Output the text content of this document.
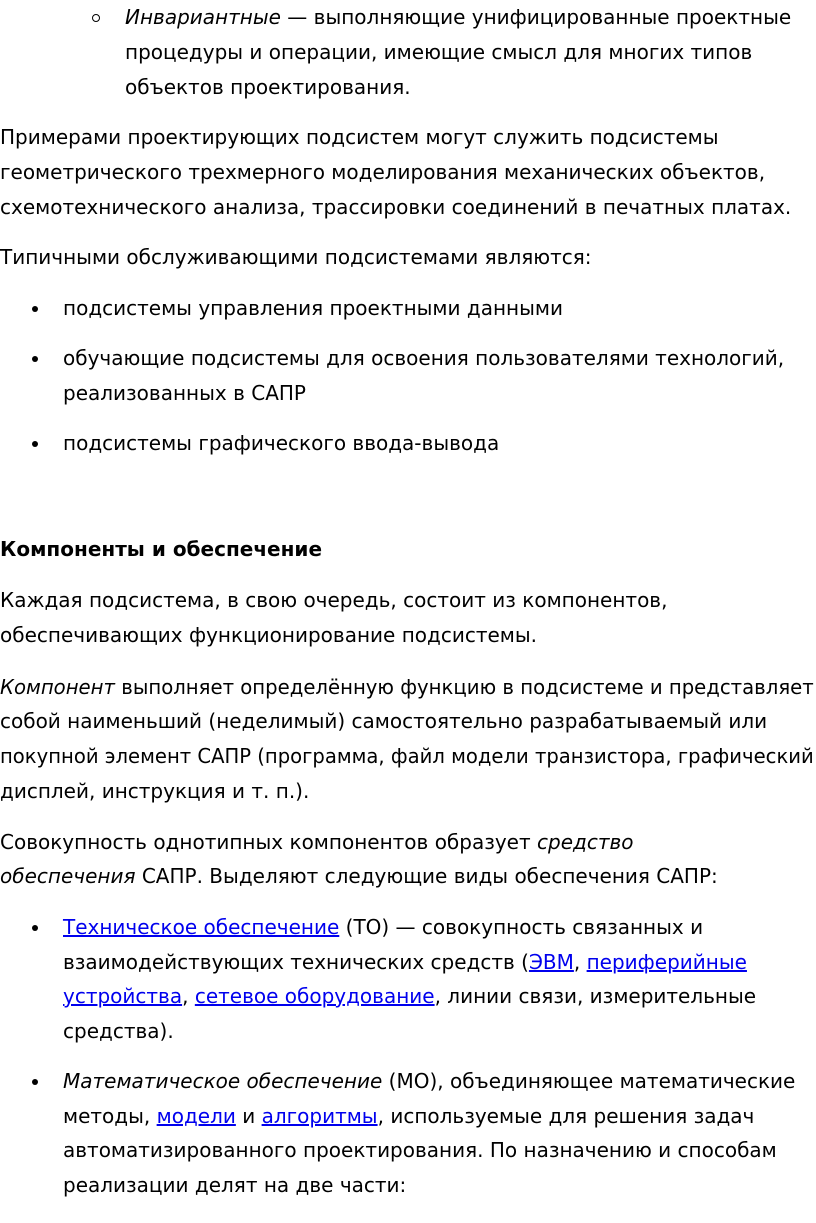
Инвариантные — выполняющие унифицированные проектные
процедуры и операции, имеющие смысл для многих типов
объектов проектирования.
Примерами проектирующих подсистем могут служить подсистемы
геометрического трехмерного моделирования механических объектов,
схемотехнического анализа, трассировки соединений в печатных платах.
Типичными обслуживающими подсистемами являются:
подсистемы управления проектными данными
обучающие подсистемы для освоения пользователями технологий,
реализованных в САПР
подсистемы графического ввода-вывода
Компоненты и обеспечение
Каждая подсистема, в свою очередь, состоит из компонентов,
обеспечивающих функционирование подсистемы.
Компонент выполняет определённую функцию в подсистеме и представляет
собой наименьший (неделимый) самостоятельно разрабатываемый или
покупной элемент САПР (программа, файл модели транзистора, графический
дисплей, инструкция и т. п.).
Совокупность однотипных компонентов образует средство
обеспечения САПР. Выделяют следующие виды обеспечения САПР:
Техническое обеспечение (ТО) — совокупность связанных и
взаимодействующих технических средств (ЭВМ, периферийные
устройства, сетевое оборудование, линии связи, измерительные
средства).
Математическое обеспечение (МО), объединяющее математические
методы, модели и алгоритмы, используемые для решения задач
автоматизированного проектирования. По назначению и способам
реализации делят на две части:
